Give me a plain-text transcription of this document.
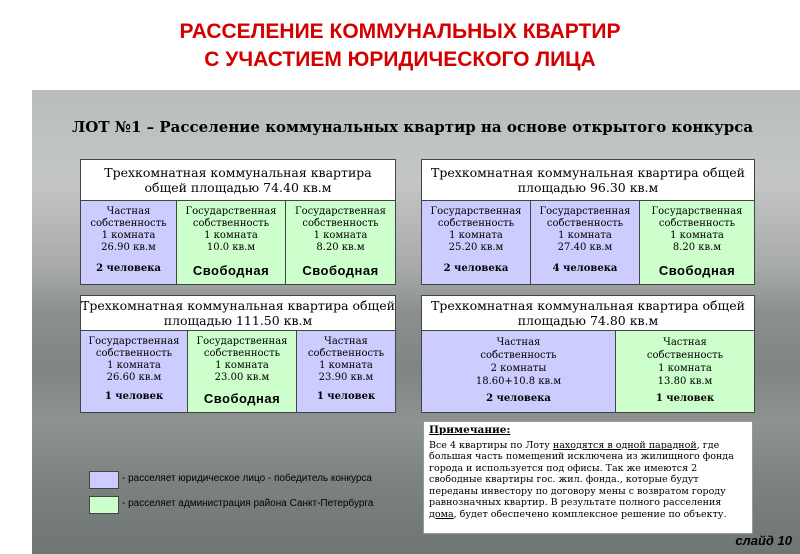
РАССЕЛЕНИЕ КОММУНАЛЬНЫХ КВАРТИР
С УЧАСТИЕМ ЮРИДИЧЕСКОГО ЛИЦА
ЛОТ №1 – Расселение коммунальных квартир на основе открытого конкурса
Трехкомнатная коммунальная квартира
общей площадью 74.40 кв.м
Частная
собственность
1 комната
26.90 кв.м
2 человека
Государственная
собственность
1 комната
10.0 кв.м
Свободная
Государственная
собственность
1 комната
8.20 кв.м
Свободная
Трехкомнатная коммунальная квартира общей
площадью 96.30 кв.м
Государственная
собственность
1 комната
25.20 кв.м
2 человека
Государственная
собственность
1 комната
27.40 кв.м
4 человека
Государственная
собственность
1 комната
8.20 кв.м
Свободная
Трехкомнатная коммунальная квартира общей
площадью 111.50 кв.м
Государственная
собственность
1 комната
26.60 кв.м
1 человек
Государственная
собственность
1 комната
23.00 кв.м
Свободная
Частная
собственность
1 комната
23.90 кв.м
1 человек
Трехкомнатная коммунальная квартира общей
площадью 74.80 кв.м
Частная
собственность
2 комнаты
18.60+10.8 кв.м
2 человека
Частная
собственность
1 комната
13.80 кв.м
1 человек
- расселяет юридическое лицо - победитель конкурса
- расселяет администрация района Санкт-Петербурга
Примечание:
Все 4 квартиры по Лоту находятся в одной парадной, где большая часть помещений исключена из жилищного фонда города и используется под офисы. Так же имеются 2 свободные квартиры гос. жил. фонда., которые будут переданы инвестору по договору мены с возвратом городу равнозначных квартир. В результате полного расселения дома, будет обеспечено комплексное решение по объекту.
слайд 10
